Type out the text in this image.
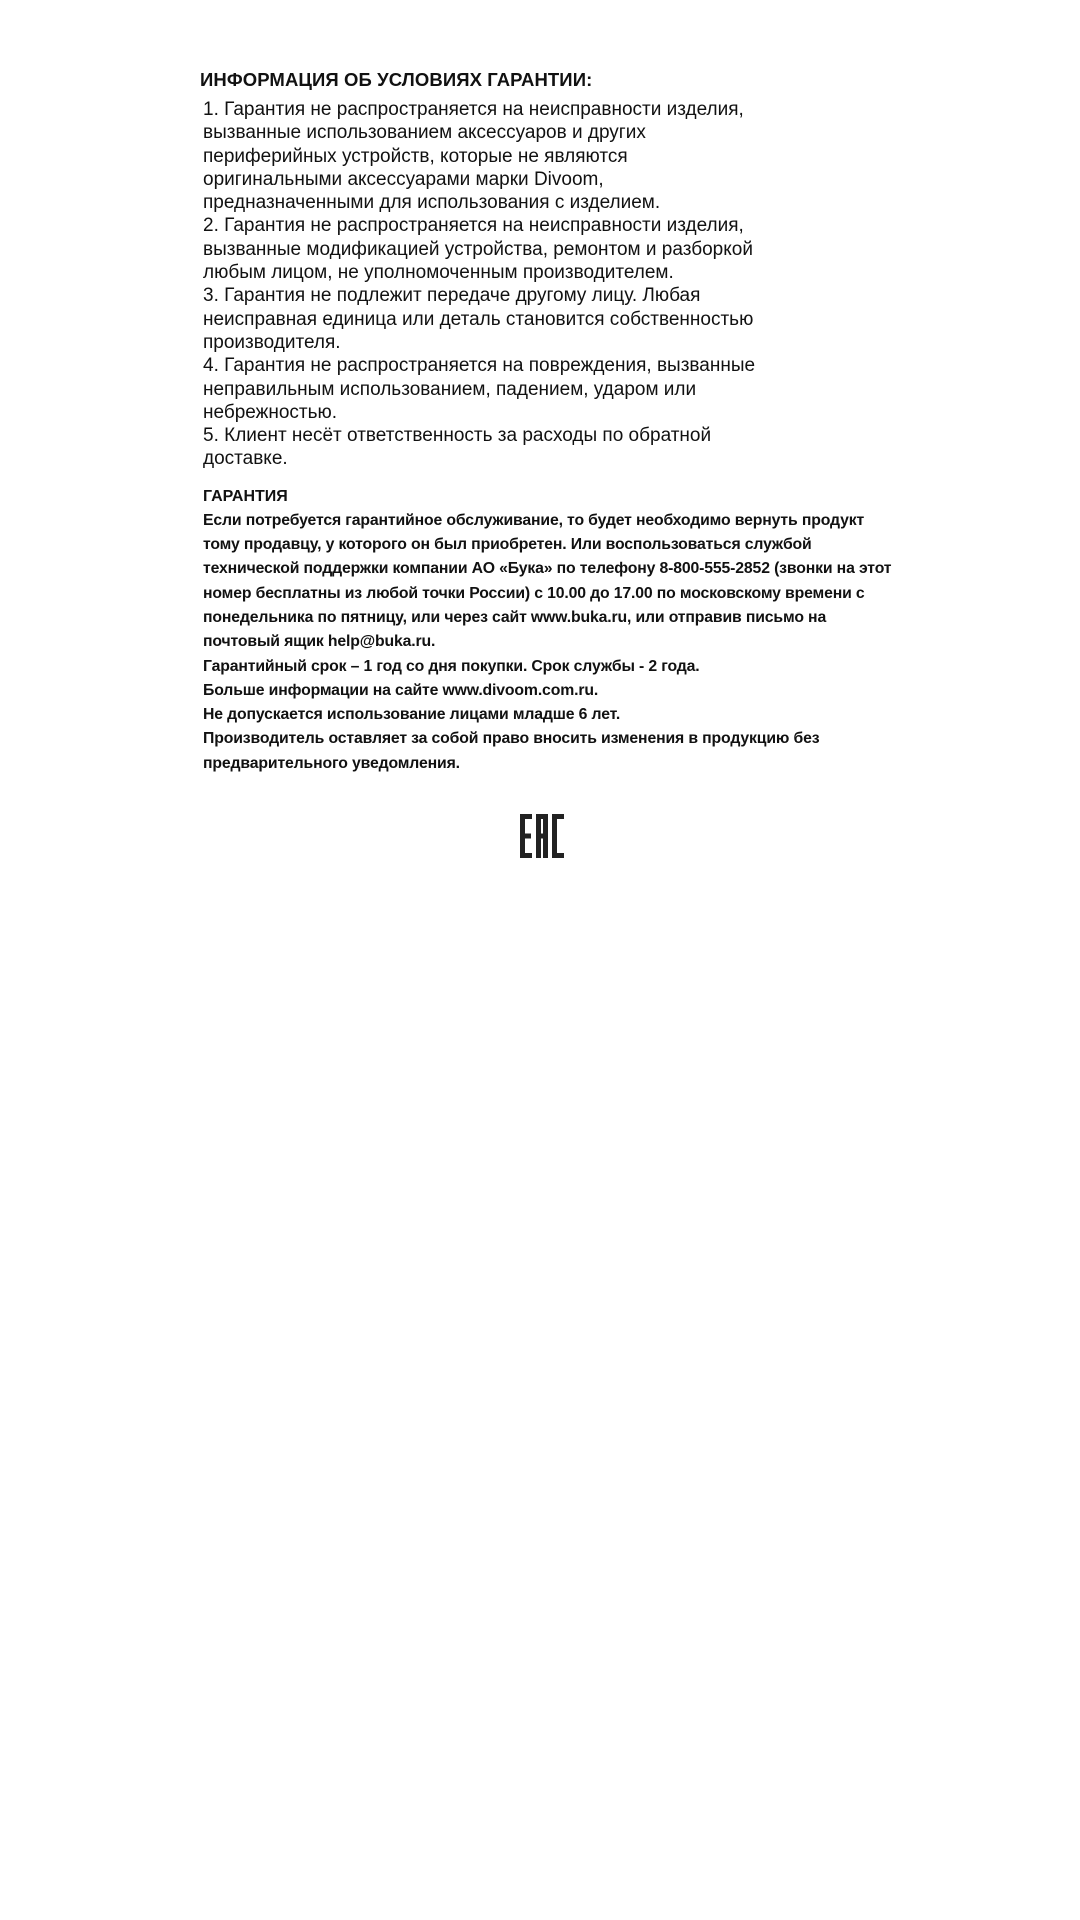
ИНФОРМАЦИЯ ОБ УСЛОВИЯХ ГАРАНТИИ:

1. Гарантия не распространяется на неисправности изделия, вызванные использованием аксессуаров и других периферийных устройств, которые не являются оригинальными аксессуарами марки Divoom, предназначенными для использования с изделием.

2. Гарантия не распространяется на неисправности изделия, вызванные модификацией устройства, ремонтом и разборкой любым лицом, не уполномоченным производителем.

3. Гарантия не подлежит передаче другому лицу. Любая неисправная единица или деталь становится собственностью производителя.

4. Гарантия не распространяется на повреждения, вызванные неправильным использованием, падением, ударом или небрежностью.

5. Клиент несёт ответственность за расходы по обратной доставке.

ГАРАНТИЯ

Если потребуется гарантийное обслуживание, то будет необходимо вернуть продукт тому продавцу, у которого он был приобретен. Или воспользоваться службой технической поддержки компании АО «Бука» по телефону 8-800-555-2852 (звонки на этот номер бесплатны из любой точки России) с 10.00 до 17.00 по московскому времени с понедельника по пятницу, или через сайт www.buka.ru, или отправив письмо на почтовый ящик help@buka.ru.

Гарантийный срок – 1 год со дня покупки. Срок службы - 2 года.

Больше информации на сайте www.divoom.com.ru.

Не допускается использование лицами младше 6 лет.

Производитель оставляет за собой право вносить изменения в продукцию без предварительного уведомления.
